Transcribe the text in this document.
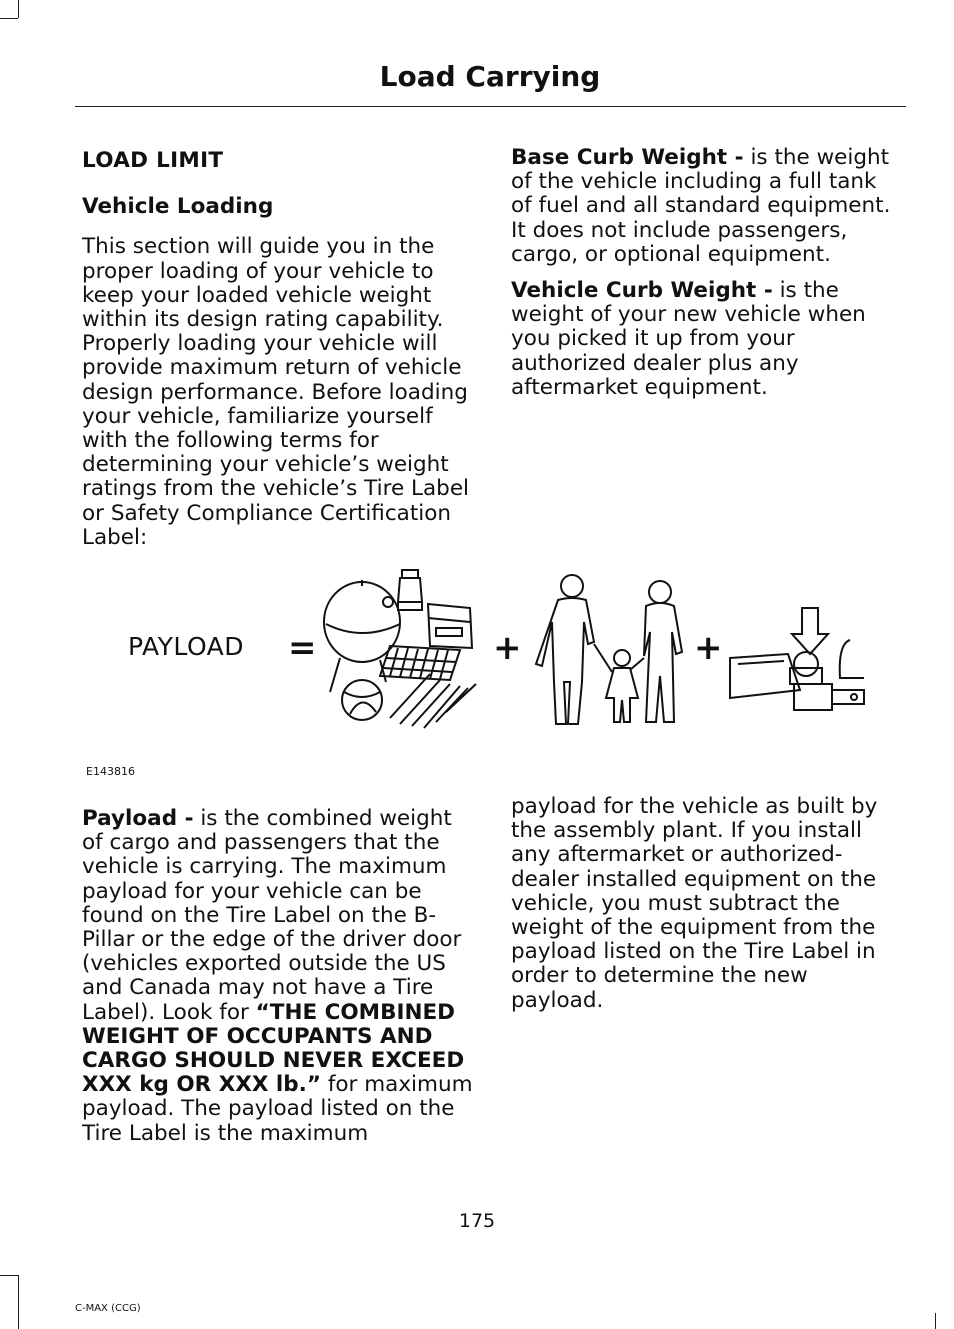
Load Carrying

LOAD LIMIT

Vehicle Loading

This section will guide you in the proper loading of your vehicle to keep your loaded vehicle weight within its design rating capability. Properly loading your vehicle will provide maximum return of vehicle design performance. Before loading your vehicle, familiarize yourself with the following terms for determining your vehicle’s weight ratings from the vehicle’s Tire Label or Safety Compliance Certification Label:

Base Curb Weight - is the weight of the vehicle including a full tank of fuel and all standard equipment. It does not include passengers, cargo, or optional equipment.

Vehicle Curb Weight - is the weight of your new vehicle when you picked it up from your authorized dealer plus any aftermarket equipment.

PAYLOAD =	+	+
E143816

Payload - is the combined weight of cargo and passengers that the vehicle is carrying. The maximum payload for your vehicle can be found on the Tire Label on the B-Pillar or the edge of the driver door (vehicles exported outside the US and Canada may not have a Tire Label). Look for “THE COMBINED WEIGHT OF OCCUPANTS AND CARGO SHOULD NEVER EXCEED XXX kg OR XXX lb.” for maximum payload. The payload listed on the Tire Label is the maximum

payload for the vehicle as built by the assembly plant. If you install any aftermarket or authorized-dealer installed equipment on the vehicle, you must subtract the weight of the equipment from the payload listed on the Tire Label in order to determine the new payload.

175
C-MAX (CCG)
